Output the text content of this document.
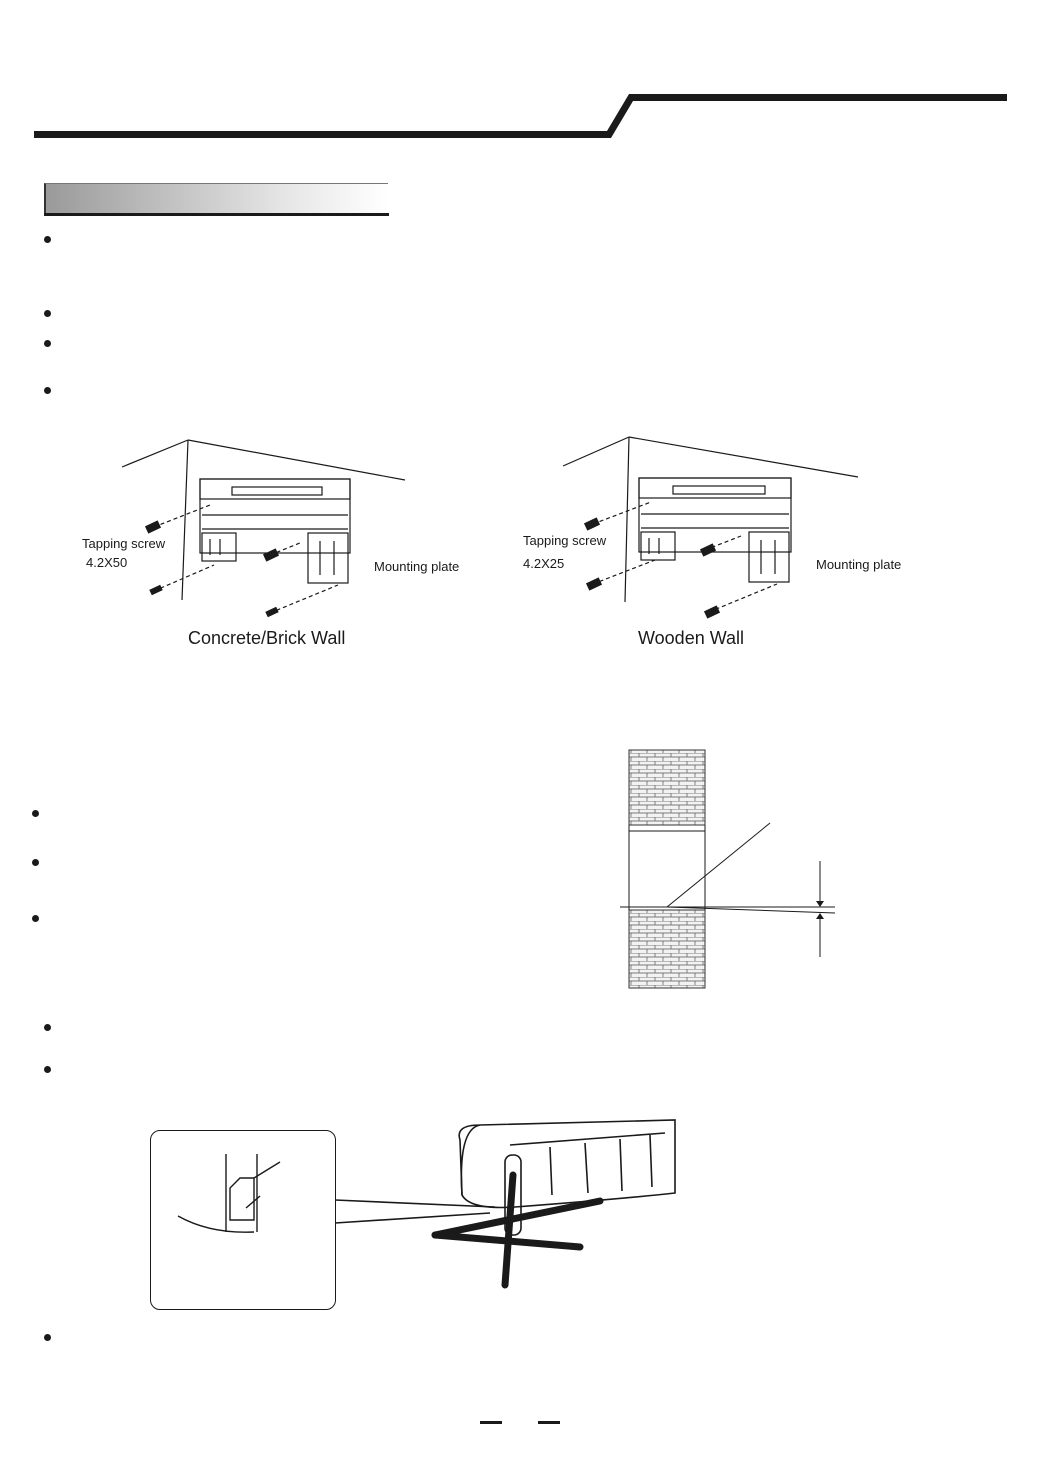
Tapping screw
4.2X50	Mounting plate
Concrete/Brick Wall
Tapping screw
4.2X25	Mounting plate
Wooden Wall
